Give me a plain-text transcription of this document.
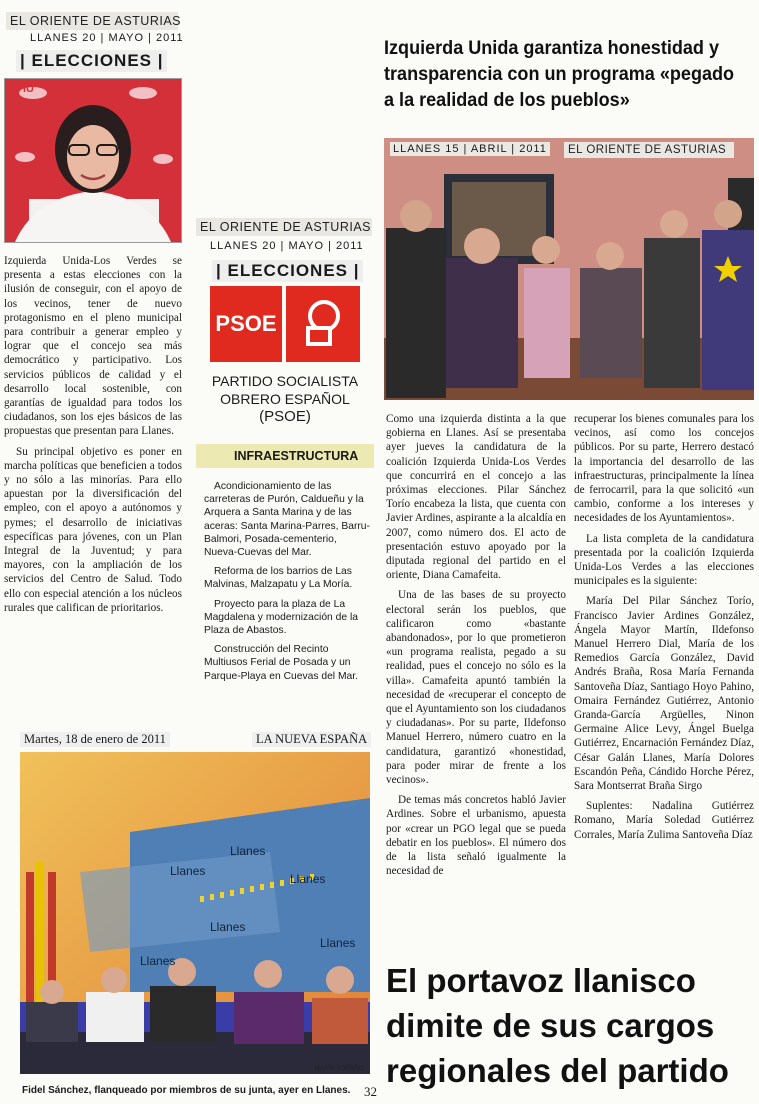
EL ORIENTE DE ASTURIAS
LLANES 20 | MAYO | 2011
| ELECCIONES |
IU

Izquierda Unida-Los Verdes se presenta a estas elecciones con la ilusión de conseguir, con el apoyo de los vecinos, tener de nuevo protagonismo en el pleno municipal para contribuir a generar empleo y lograr que el concejo sea más democrático y participativo. Los servicios públicos de calidad y el desarrollo local sostenible, con garantías de igualdad para todos los ciudadanos, son los ejes básicos de las propuestas que presentan para Llanes.

Su principal objetivo es poner en marcha políticas que beneficien a todos y no sólo a las minorías. Para ello apuestan por la diversificación del empleo, con el apoyo a autónomos y pymes; el desarrollo de iniciativas específicas para jóvenes, con un Plan Integral de la Juventud; y para mayores, con la ampliación de los servicios del Centro de Salud. Todo ello con especial atención a los núcleos rurales que califican de prioritarios.

EL ORIENTE DE ASTURIAS
LLANES 20 | MAYO | 2011
| ELECCIONES |
PSOE
PARTIDO SOCIALISTA
OBRERO ESPAÑOL
(PSOE)
INFRAESTRUCTURA

Acondicionamiento de las carreteras de Purón, Caldueñu y la Arquera a Santa Marina y de las aceras: Santa Marina-Parres, Barru-Balmori, Posada-cementerio, Nueva-Cuevas del Mar.

Reforma de los barrios de Las Malvinas, Malzapatu y La Moría.

Proyecto para la plaza de La Magdalena y modernización de la Plaza de Abastos.

Construcción del Recinto Multiusos Ferial de Posada y un Parque-Playa en Cuevas del Mar.

Izquierda Unida garantiza honestidad y transparencia con un programa «pegado a la realidad de los pueblos»
LLANES 15 | ABRIL | 2011	EL ORIENTE DE ASTURIAS

Como una izquierda distinta a la que gobierna en Llanes. Así se presentaba ayer jueves la candidatura de la coalición Izquierda Unida-Los Verdes que concurrirá en el concejo a las próximas elecciones. Pilar Sánchez Torío encabeza la lista, que cuenta con Javier Ardines, aspirante a la alcaldía en 2007, como número dos. El acto de presentación estuvo apoyado por la diputada regional del partido en el oriente, Diana Camafeita.

Una de las bases de su proyecto electoral serán los pueblos, que calificaron como «bastante abandonados», por lo que prometieron «un programa realista, pegado a su realidad, pues el concejo no sólo es la villa». Camafeita apuntó también la necesidad de «recuperar el concepto de que el Ayuntamiento son los ciudadanos y ciudadanas». Por su parte, Ildefonso Manuel Herrero, número cuatro en la candidatura, garantizó «honestidad, para poder mirar de frente a los vecinos».

De temas más concretos habló Javier Ardines. Sobre el urbanismo, apuesta por «crear un PGO legal que se pueda debatir en los pueblos». El número dos de la lista señaló igualmente la necesidad de

recuperar los bienes comunales para los vecinos, así como los concejos públicos. Por su parte, Herrero destacó la importancia del desarrollo de las infraestructuras, principalmente la línea de ferrocarril, para la que solicitó «un cambio, conforme a los intereses y necesidades de los Ayuntamientos».

La lista completa de la candidatura presentada por la coalición Izquierda Unida-Los Verdes a las elecciones municipales es la siguiente:

María Del Pilar Sánchez Torío, Francisco Javier Ardines González, Ángela Mayor Martín, Ildefonso Manuel Herrero Dial, María de los Remedios García González, David Andrés Braña, Rosa María Fernanda Santoveña Díaz, Santiago Hoyo Pahino, Omaira Fernández Gutiérrez, Antonio Granda-García Argüelles, Ninon Germaine Alice Levy, Ángel Buelga Gutiérrez, Encarnación Fernández Díaz, César Galán Llanes, María Dolores Escandón Peña, Cándido Horche Pérez, Sara Montserrat Braña Sirgo

Suplentes: Nadalina Gutiérrez Romano, María Soledad Gutiérrez Corrales, María Zulima Santoveña Díaz

Martes, 18 de enero de 2011	LA NUEVA ESPAÑA
Llanes
Llanes
Llanes
Llanes
Llanes
Llanes
MARÍA TORAÑO
Fidel Sánchez, flanqueado por miembros de su junta, ayer en Llanes. 32
El portavoz llanisco dimite de sus cargos regionales del partido
